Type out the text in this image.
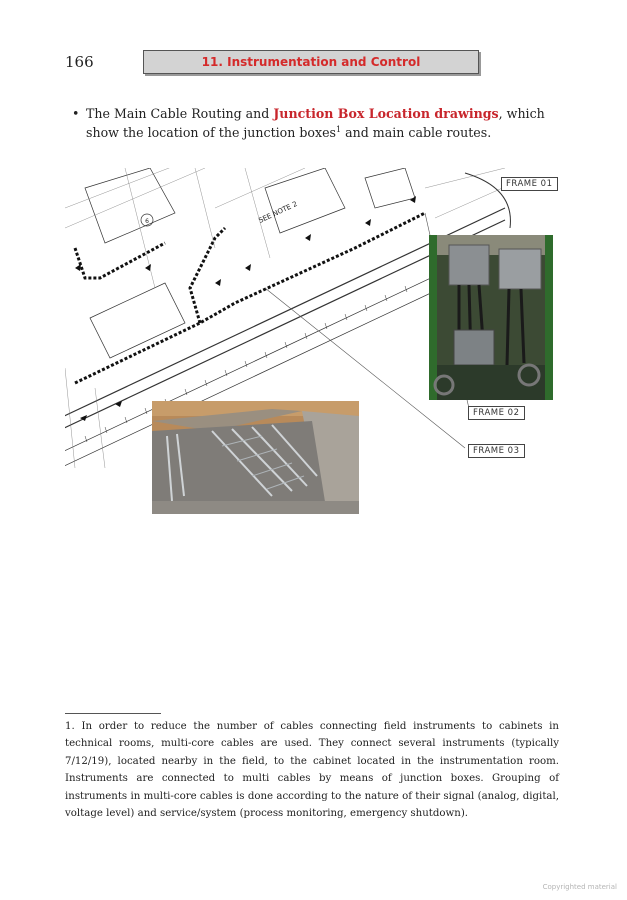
166	11. Instrumentation and Control
• The Main Cable Routing and Junction Box Location drawings, which show the location of the junction boxes$^1$ and main cable routes.
6	SEE NOTE 2
FRAME 01
FRAME 02
FRAME 03
1. In order to reduce the number of cables connecting field instruments to cabinets in technical rooms, multi-core cables are used. They connect several instruments (typically 7/12/19), located nearby in the field, to the cabinet located in the instrumentation room. Instruments are connected to multi cables by means of junction boxes. Grouping of instruments in multi-core cables is done according to the nature of their signal (analog, digital, voltage level) and service/system (process monitoring, emergency shutdown).
Copyrighted material
